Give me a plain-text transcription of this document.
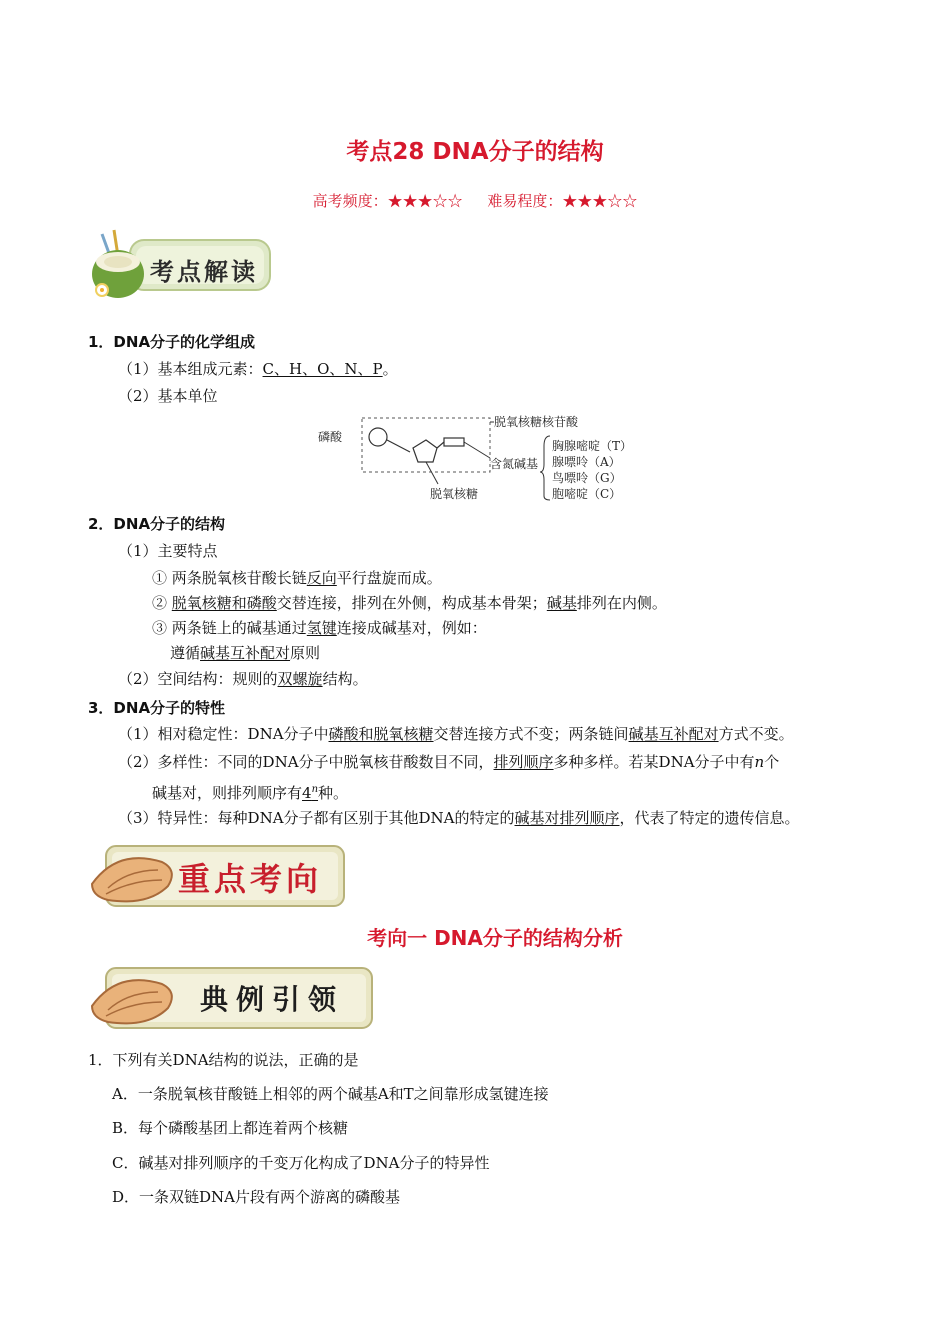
考点28 DNA分子的结构
高考频度：★★★☆☆ 难易程度：★★★☆☆
考点解读
1．DNA分子的化学组成
（1）基本组成元素：C、H、O、N、P。
（2）基本单位
磷酸
脱氧核糖核苷酸
含氮碱基
胸腺嘧啶（T）
腺嘌呤（A）
鸟嘌呤（G）
胞嘧啶（C）
脱氧核糖
2．DNA分子的结构
（1）主要特点
① 两条脱氧核苷酸长链反向平行盘旋而成。
② 脱氧核糖和磷酸交替连接，排列在外侧，构成基本骨架；碱基排列在内侧。
③ 两条链上的碱基通过氢键连接成碱基对，例如：
遵循碱基互补配对原则
（2）空间结构：规则的双螺旋结构。
3．DNA分子的特性
（1）相对稳定性：DNA分子中磷酸和脱氧核糖交替连接方式不变；两条链间碱基互补配对方式不变。
（2）多样性：不同的DNA分子中脱氧核苷酸数目不同，排列顺序多种多样。若某DNA分子中有n个
碱基对，则排列顺序有4$^n$种。
（3）特异性：每种DNA分子都有区别于其他DNA的特定的碱基对排列顺序，代表了特定的遗传信息。
重点考向
考向一 DNA分子的结构分析
典例引领
1．下列有关DNA结构的说法，正确的是
A．一条脱氧核苷酸链上相邻的两个碱基A和T之间靠形成氢键连接
B．每个磷酸基团上都连着两个核糖
C．碱基对排列顺序的千变万化构成了DNA分子的特异性
D．一条双链DNA片段有两个游离的磷酸基
